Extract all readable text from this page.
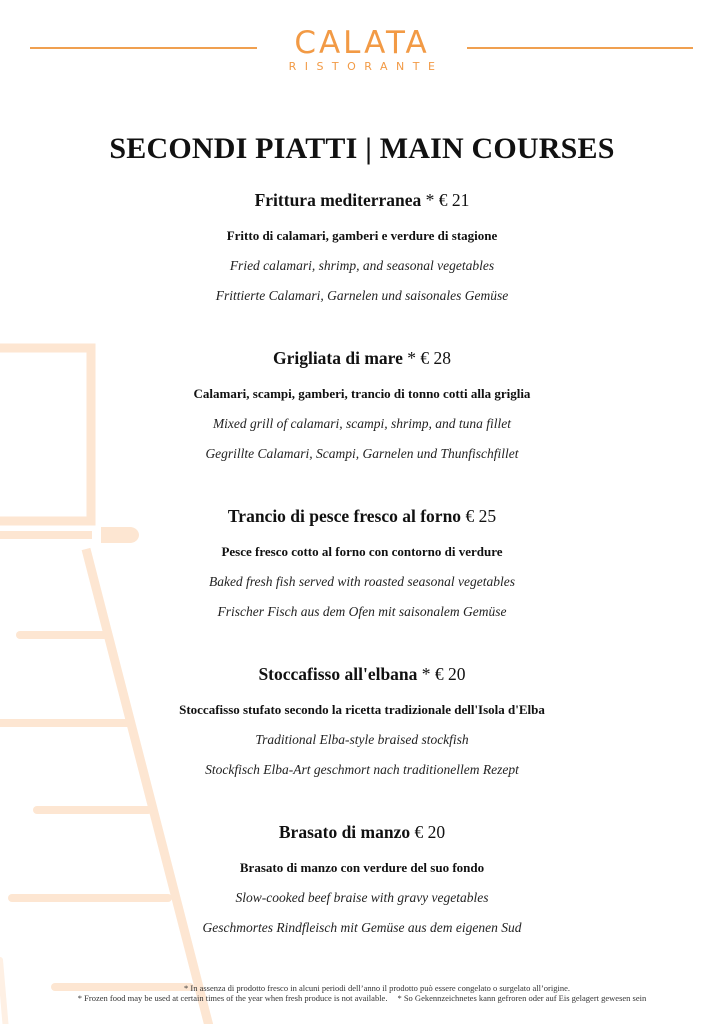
CALATA
RISTORANTE
SECONDI PIATTI | MAIN COURSES
Frittura mediterranea * € 21
Fritto di calamari, gamberi e verdure di stagione
Fried calamari, shrimp, and seasonal vegetables
Frittierte Calamari, Garnelen und saisonales Gemüse
Grigliata di mare * € 28
Calamari, scampi, gamberi, trancio di tonno cotti alla griglia
Mixed grill of calamari, scampi, shrimp, and tuna fillet
Gegrillte Calamari, Scampi, Garnelen und Thunfischfillet
Trancio di pesce fresco al forno € 25
Pesce fresco cotto al forno con contorno di verdure
Baked fresh fish served with roasted seasonal vegetables
Frischer Fisch aus dem Ofen mit saisonalem Gemüse
Stoccafisso all'elbana * € 20
Stoccafisso stufato secondo la ricetta tradizionale dell'Isola d'Elba
Traditional Elba-style braised stockfish
Stockfisch Elba-Art geschmort nach traditionellem Rezept
Brasato di manzo € 20
Brasato di manzo con verdure del suo fondo
Slow-cooked beef braise with gravy vegetables
Geschmortes Rindfleisch mit Gemüse aus dem eigenen Sud
* In assenza di prodotto fresco in alcuni periodi dell’anno il prodotto può essere congelato o surgelato all’origine.
* Frozen food may be used at certain times of the year when fresh produce is not available. * So Gekennzeichnetes kann gefroren oder auf Eis gelagert gewesen sein
